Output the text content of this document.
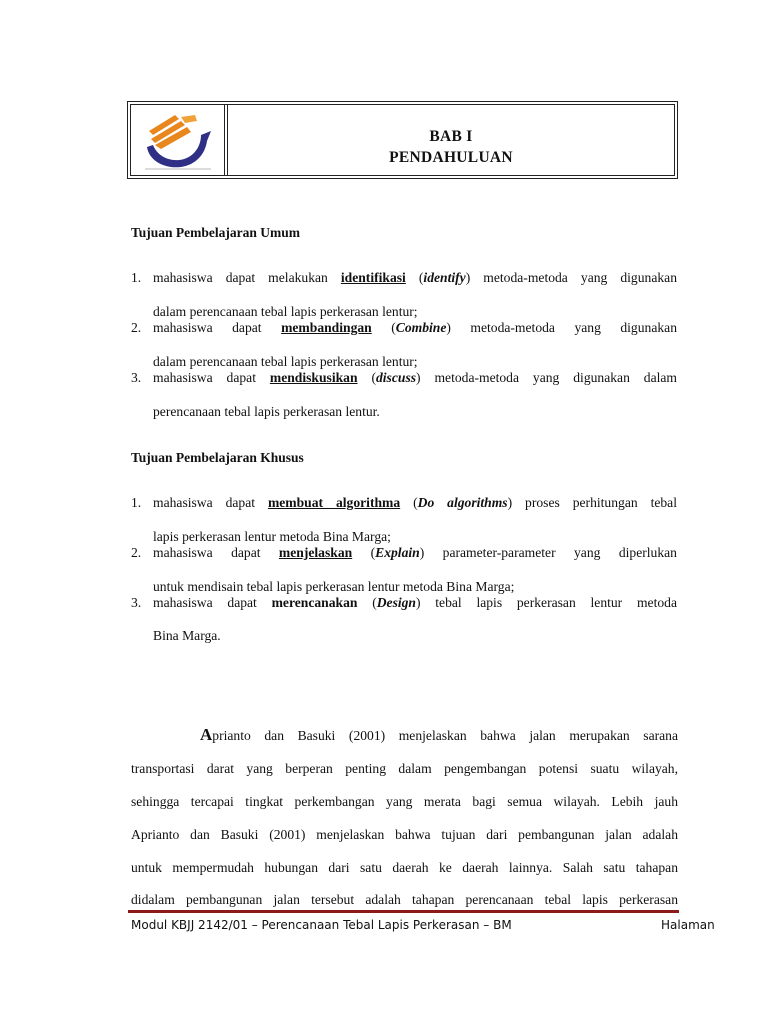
BAB I
PENDAHULUAN
Tujuan Pembelajaran Umum
1. mahasiswa dapat melakukan identifikasi (identify) metoda-metoda yang digunakan
dalam perencanaan tebal lapis perkerasan lentur;
2. mahasiswa dapat membandingan (Combine) metoda-metoda yang digunakan
dalam perencanaan tebal lapis perkerasan lentur;
3. mahasiswa dapat mendiskusikan (discuss) metoda-metoda yang digunakan dalam
perencanaan tebal lapis perkerasan lentur.
Tujuan Pembelajaran Khusus
1. mahasiswa dapat membuat algorithma (Do algorithms) proses perhitungan tebal
lapis perkerasan lentur metoda Bina Marga;
2. mahasiswa dapat menjelaskan (Explain) parameter-parameter yang diperlukan
untuk mendisain tebal lapis perkerasan lentur metoda Bina Marga;
3. mahasiswa dapat merencanakan (Design) tebal lapis perkerasan lentur metoda
Bina Marga.
Aprianto dan Basuki (2001) menjelaskan bahwa jalan merupakan sarana
transportasi darat yang berperan penting dalam pengembangan potensi suatu wilayah,
sehingga tercapai tingkat perkembangan yang merata bagi semua wilayah. Lebih jauh
Aprianto dan Basuki (2001) menjelaskan bahwa tujuan dari pembangunan jalan adalah
untuk mempermudah hubungan dari satu daerah ke daerah lainnya. Salah satu tahapan
didalam pembangunan jalan tersebut adalah tahapan perencanaan tebal lapis perkerasan
Modul KBJJ 2142/01 – Perencanaan Tebal Lapis Perkerasan – BM	Halaman
